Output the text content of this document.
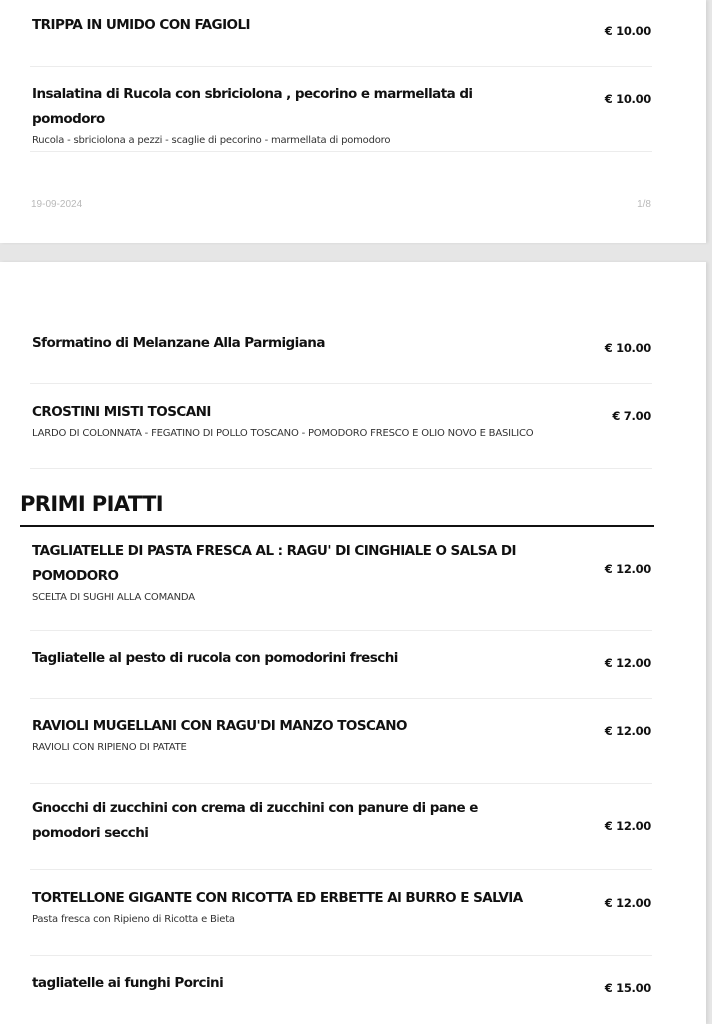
TRIPPA IN UMIDO CON FAGIOLI	€ 10.00

Insalatina di Rucola con sbriciolona , pecorino e marmellata di pomodoro

Rucola - sbriciolona a pezzi - scaglie di pecorino - marmellata di pomodoro
€ 10.00
19-09-2024	1/8

Sformatino di Melanzane Alla Parmigiana	€ 10.00

CROSTINI MISTI TOSCANI

LARDO DI COLONNATA - FEGATINO DI POLLO TOSCANO - POMODORO FRESCO E OLIO NOVO E BASILICO
€ 7.00
PRIMI PIATTI

TAGLIATELLE DI PASTA FRESCA AL : RAGU' DI CINGHIALE O SALSA DI POMODORO

SCELTA DI SUGHI ALLA COMANDA
€ 12.00

Tagliatelle al pesto di rucola con pomodorini freschi	€ 12.00

RAVIOLI MUGELLANI CON RAGU'DI MANZO TOSCANO

RAVIOLI CON RIPIENO DI PATATE
€ 12.00

Gnocchi di zucchini con crema di zucchini con panure di pane e pomodori secchi	€ 12.00

TORTELLONE GIGANTE CON RICOTTA ED ERBETTE Al BURRO E SALVIA

Pasta fresca con Ripieno di Ricotta e Bieta
€ 12.00

tagliatelle ai funghi Porcini	€ 15.00
